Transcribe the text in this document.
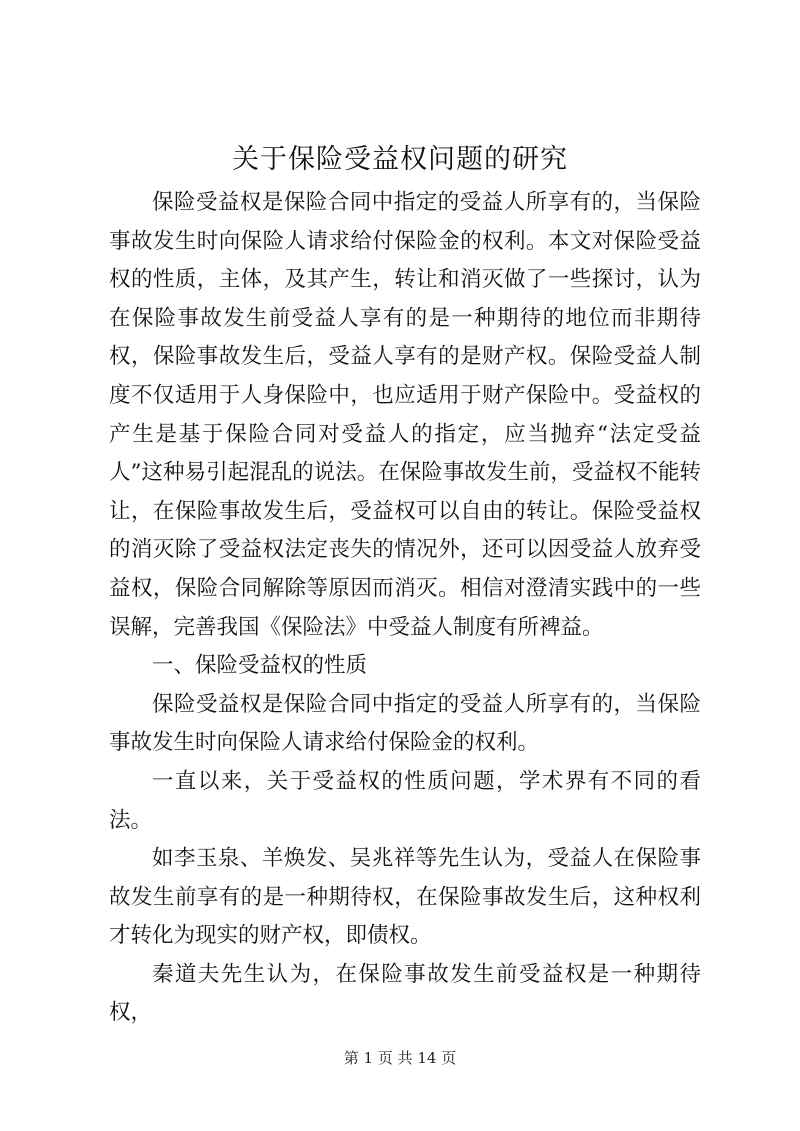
关于保险受益权问题的研究

保险受益权是保险合同中指定的受益人所享有的，当保险事故发生时向保险人请求给付保险金的权利。本文对保险受益权的性质，主体，及其产生，转让和消灭做了一些探讨，认为在保险事故发生前受益人享有的是一种期待的地位而非期待权，保险事故发生后，受益人享有的是财产权。保险受益人制度不仅适用于人身保险中，也应适用于财产保险中。受益权的产生是基于保险合同对受益人的指定，应当抛弃“法定受益人”这种易引起混乱的说法。在保险事故发生前，受益权不能转让，在保险事故发生后，受益权可以自由的转让。保险受益权的消灭除了受益权法定丧失的情况外，还可以因受益人放弃受益权，保险合同解除等原因而消灭。相信对澄清实践中的一些误解，完善我国《保险法》中受益人制度有所裨益。

一、保险受益权的性质

保险受益权是保险合同中指定的受益人所享有的，当保险事故发生时向保险人请求给付保险金的权利。

一直以来，关于受益权的性质问题，学术界有不同的看法。

如李玉泉、羊焕发、吴兆祥等先生认为，受益人在保险事故发生前享有的是一种期待权，在保险事故发生后，这种权利才转化为现实的财产权，即债权。

秦道夫先生认为，在保险事故发生前受益权是一种期待权，

第 1 页 共 14 页
